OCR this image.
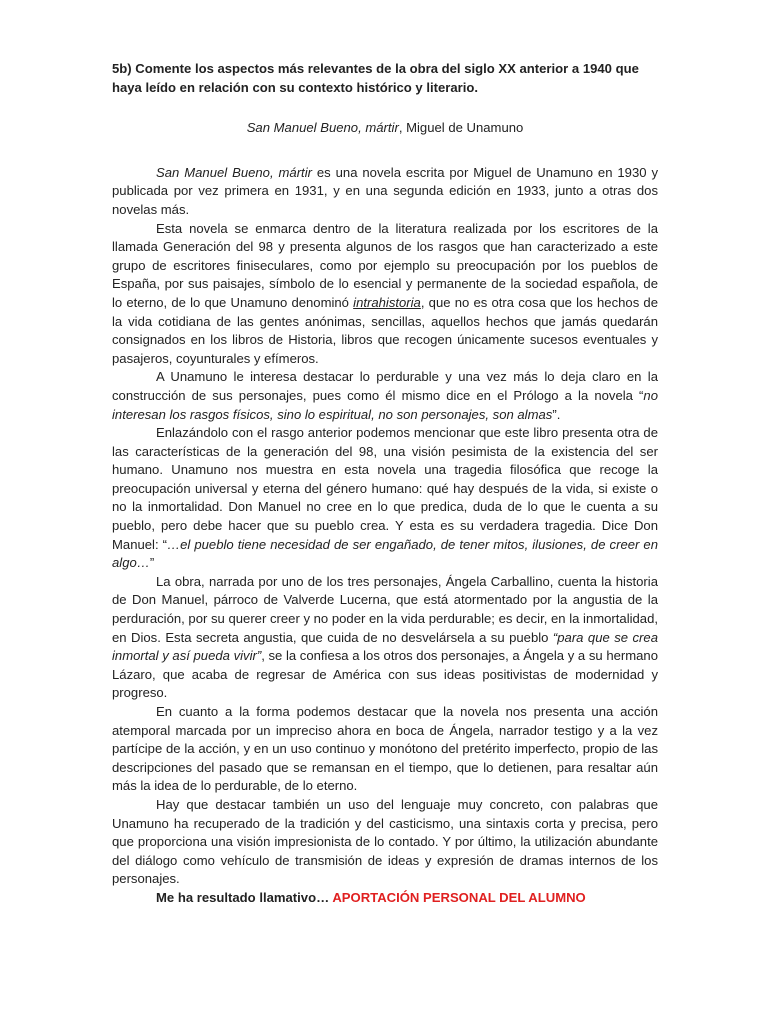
5b) Comente los aspectos más relevantes de la obra del siglo XX anterior a 1940 que haya leído en relación con su contexto histórico y literario.
San Manuel Bueno, mártir, Miguel de Unamuno

San Manuel Bueno, mártir es una novela escrita por Miguel de Unamuno en 1930 y publicada por vez primera en 1931, y en una segunda edición en 1933, junto a otras dos novelas más.

Esta novela se enmarca dentro de la literatura realizada por los escritores de la llamada Generación del 98 y presenta algunos de los rasgos que han caracterizado a este grupo de escritores finiseculares, como por ejemplo su preocupación por los pueblos de España, por sus paisajes, símbolo de lo esencial y permanente de la sociedad española, de lo eterno, de lo que Unamuno denominó intrahistoria, que no es otra cosa que los hechos de la vida cotidiana de las gentes anónimas, sencillas, aquellos hechos que jamás quedarán consignados en los libros de Historia, libros que recogen únicamente sucesos eventuales y pasajeros, coyunturales y efímeros.

A Unamuno le interesa destacar lo perdurable y una vez más lo deja claro en la construcción de sus personajes, pues como él mismo dice en el Prólogo a la novela “no interesan los rasgos físicos, sino lo espiritual, no son personajes, son almas”.

Enlazándolo con el rasgo anterior podemos mencionar que este libro presenta otra de las características de la generación del 98, una visión pesimista de la existencia del ser humano. Unamuno nos muestra en esta novela una tragedia filosófica que recoge la preocupación universal y eterna del género humano: qué hay después de la vida, si existe o no la inmortalidad. Don Manuel no cree en lo que predica, duda de lo que le cuenta a su pueblo, pero debe hacer que su pueblo crea. Y esta es su verdadera tragedia. Dice Don Manuel: “…el pueblo tiene necesidad de ser engañado, de tener mitos, ilusiones, de creer en algo…”

La obra, narrada por uno de los tres personajes, Ángela Carballino, cuenta la historia de Don Manuel, párroco de Valverde Lucerna, que está atormentado por la angustia de la perduración, por su querer creer y no poder en la vida perdurable; es decir, en la inmortalidad, en Dios. Esta secreta angustia, que cuida de no desvelársela a su pueblo “para que se crea inmortal y así pueda vivir”, se la confiesa a los otros dos personajes, a Ángela y a su hermano Lázaro, que acaba de regresar de América con sus ideas positivistas de modernidad y progreso.

En cuanto a la forma podemos destacar que la novela nos presenta una acción atemporal marcada por un impreciso ahora en boca de Ángela, narrador testigo y a la vez partícipe de la acción, y en un uso continuo y monótono del pretérito imperfecto, propio de las descripciones del pasado que se remansan en el tiempo, que lo detienen, para resaltar aún más la idea de lo perdurable, de lo eterno.

Hay que destacar también un uso del lenguaje muy concreto, con palabras que Unamuno ha recuperado de la tradición y del casticismo, una sintaxis corta y precisa, pero que proporciona una visión impresionista de lo contado. Y por último, la utilización abundante del diálogo como vehículo de transmisión de ideas y expresión de dramas internos de los personajes.

Me ha resultado llamativo… APORTACIÓN PERSONAL DEL ALUMNO
